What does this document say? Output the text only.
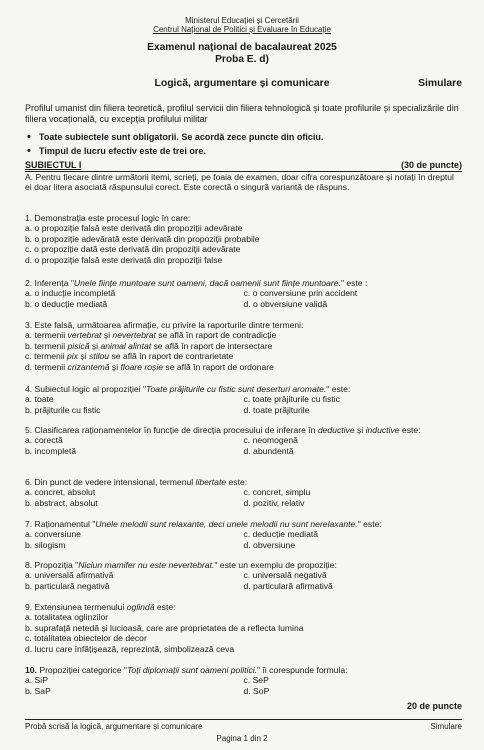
Ministerul Educației și Cercetării
Centrul Național de Politici și Evaluare în Educație
Examenul național de bacalaureat 2025
Proba E. d)
Logică, argumentare și comunicare	Simulare
Profilul umanist din filiera teoretică, profilul servicii din filiera tehnologică și toate profilurile și specializările din filiera vocațională, cu excepția profilului militar
• Toate subiectele sunt obligatorii. Se acordă zece puncte din oficiu.
• Timpul de lucru efectiv este de trei ore.
SUBIECTUL I	(30 de puncte)

A. Pentru fiecare dintre următorii itemi, scrieți, pe foaia de examen, doar cifra corespunzătoare și notați în dreptul ei doar litera asociată răspunsului corect. Este corectă o singură variantă de răspuns.

1. Demonstrația este procesul logic în care:

a. o propoziție falsă este derivată din propoziții adevărate

b. o propoziție adevărată este derivată din propoziții probabile

c. o propoziție dată este derivată din propoziții adevărate

d. o propoziție falsă este derivată din propoziții false

2. Inferența "Unele ființe muntoare sunt oameni, dacă oamenii sunt ființe muntoare." este :

a. o inducție incompletă	c. o conversiune prin accident
b. o deducție mediată	d. o obversiune validă

3. Este falsă, următoarea afirmație, cu privire la raporturile dintre termeni:

a. termenii vertebrat și nevertebrat se află în raport de contradicție

b. termenii pisică și animal alintat se află în raport de intersectare

c. termenii pix și stilou se află în raport de contrarietate

d. termenii crizantemă și floare roșie se află în raport de ordonare

4. Subiectul logic al propoziției "Toate prăjiturile cu fistic sunt deserturi aromate." este:

a. toate	c. toate prăjiturile cu fistic
b. prăjiturile cu fistic	d. toate prăjiturile

5. Clasificarea raționamentelor în funcție de direcția procesului de inferare în deductive și inductive este:

a. corectă	c. neomogenă
b. incompletă	d. abundentă

6. Din punct de vedere intensional, termenul libertate este:

a. concret, absolut	c. concret, simplu
b. abstract, absolut	d. pozitiv, relativ

7. Raționamentul "Unele melodii sunt relaxante, deci unele melodii nu sunt nerelaxante." este:

a. conversiune	c. deducție mediată
b. silogism	d. obversiune

8. Propoziția "Niciun mamifer nu este nevertebrat." este un exemplu de propoziție:

a. universală afirmativă	c. universală negativă
b. particulară negativă	d. particulară afirmativă

9. Extensiunea termenului oglindă este:

a. totalitatea oglinzilor

b. suprafață netedă și lucioasă, care are proprietatea de a reflecta lumina

c. totalitatea obiectelor de decor

d. lucru care înfățișează, reprezintă, simbolizează ceva

10. Propoziției categorice "Toți diplomații sunt oameni politici." îi corespunde formula:

a. SiP	c. SeP
b. SaP	d. SoP
20 de puncte
Probă scrisă la logică, argumentare și comunicare	Simulare
Pagina 1 din 2
